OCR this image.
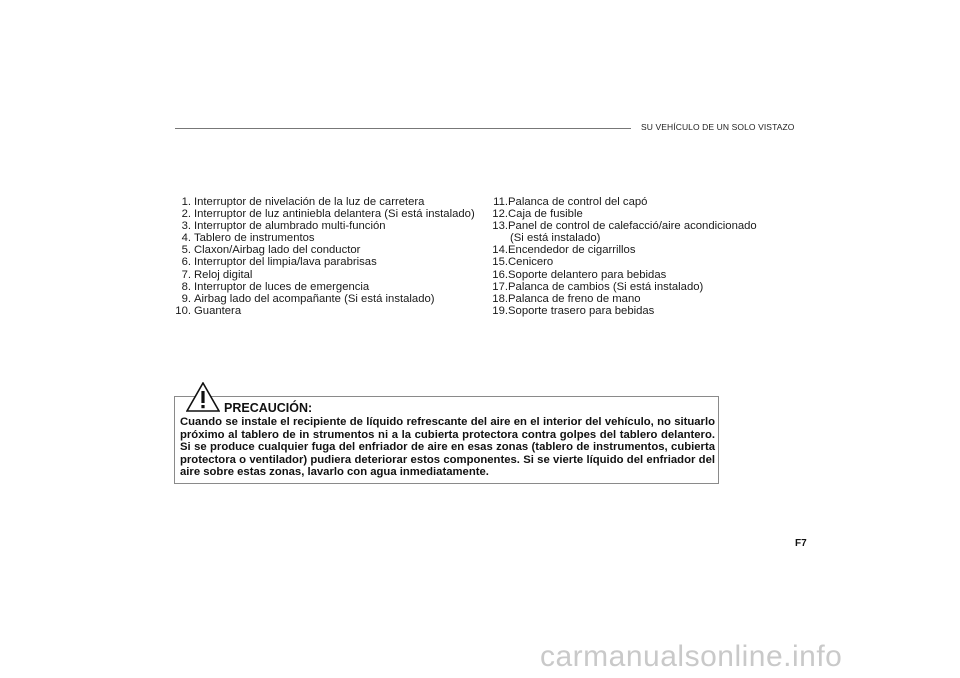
SU VEHÍCULO DE UN SOLO VISTAZO
1. Interruptor de nivelación de la luz de carretera
2. Interruptor de luz antiniebla delantera (Si está instalado)
3. Interruptor de alumbrado multi-función
4. Tablero de instrumentos
5. Claxon/Airbag lado del conductor
6. Interruptor del limpia/lava parabrisas
7. Reloj digital
8. Interruptor de luces de emergencia
9. Airbag lado del acompañante (Si está instalado)
10. Guantera
11. Palanca de control del capó
12. Caja de fusible
13. Panel de control de calefacció/aire acondicionado
(Si está instalado)
14. Encendedor de cigarrillos
15. Cenicero
16. Soporte delantero para bebidas
17. Palanca de cambios (Si está instalado)
18. Palanca de freno de mano
19. Soporte trasero para bebidas
PRECAUCIÓN:
Cuando se instale el recipiente de líquido refrescante del aire en el interior del vehículo, no situarlo próximo al tablero de in strumentos ni a la cubierta protectora contra golpes del tablero delantero. Si se produce cualquier fuga del enfriador de aire en esas zonas (tablero de instrumentos, cubierta protectora o ventilador) pudiera deteriorar estos componentes. Si se vierte líquido del enfriador del aire sobre estas zonas, lavarlo con agua inmediatamente.
F7
carmanualsonline.info
